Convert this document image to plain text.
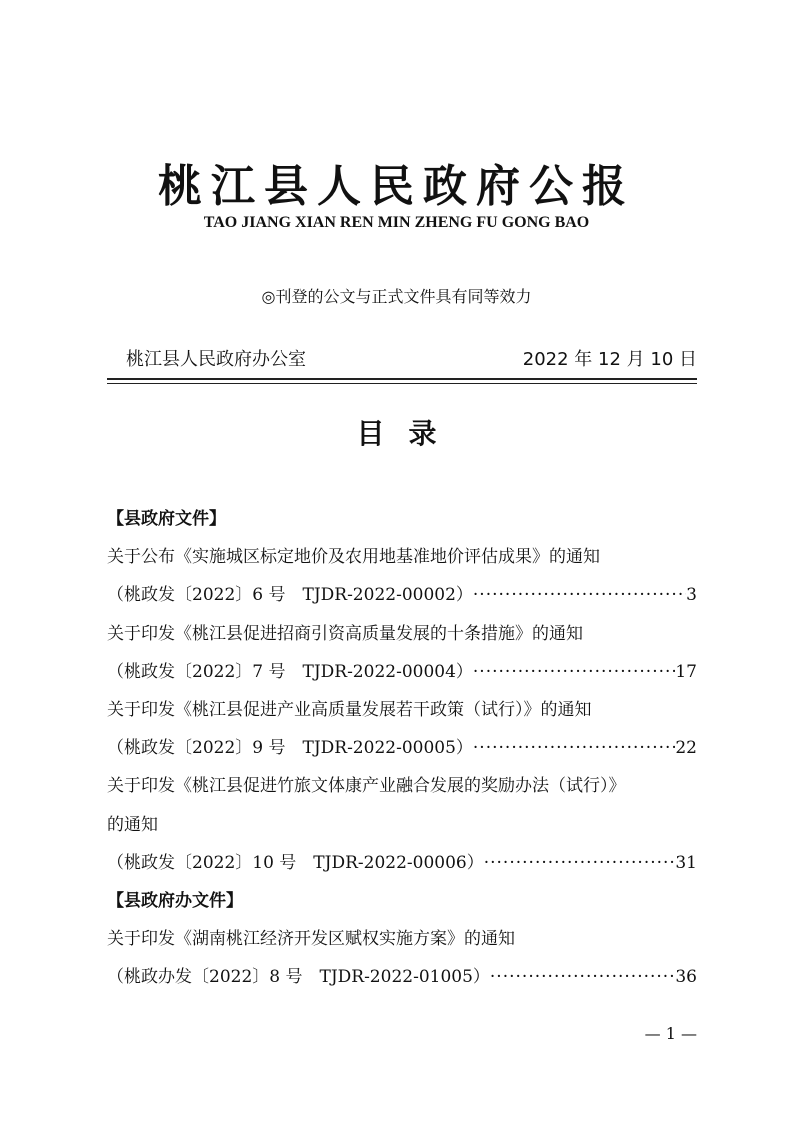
桃江县人民政府公报
TAO JIANG XIAN REN MIN ZHENG FU GONG BAO
◎刊登的公文与正式文件具有同等效力
桃江县人民政府办公室	2022 年 12 月 10 日
目录
【县政府文件】
关于公布《实施城区标定地价及农用地基准地价评估成果》的通知
（桃政发〔2022〕6 号　TJDR-2022-00002） ·····	3
关于印发《桃江县促进招商引资高质量发展的十条措施》的通知
（桃政发〔2022〕7 号　TJDR-2022-00004） ·····	17
关于印发《桃江县促进产业高质量发展若干政策（试行）》的通知
（桃政发〔2022〕9 号　TJDR-2022-00005） ·····	22
关于印发《桃江县促进竹旅文体康产业融合发展的奖励办法（试行）》
的通知
（桃政发〔2022〕10 号　TJDR-2022-00006） ·····	31
【县政府办文件】
关于印发《湖南桃江经济开发区赋权实施方案》的通知
（桃政办发〔2022〕8 号　TJDR-2022-01005） ·····	36
— 1 —
